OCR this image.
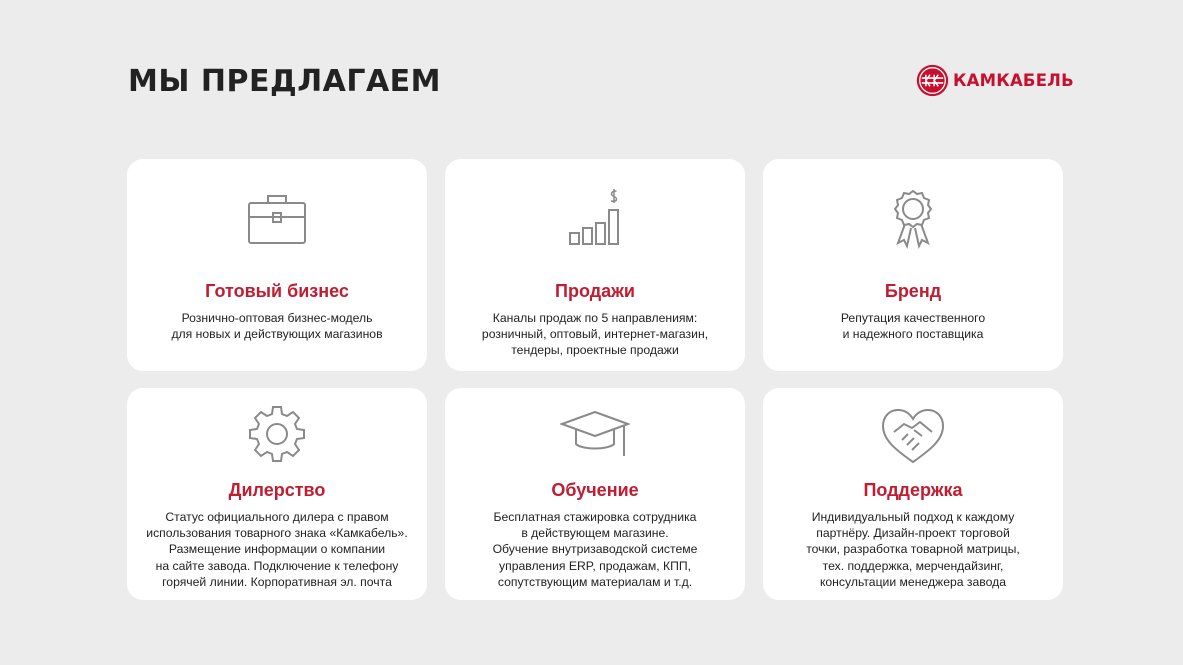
МЫ ПРЕДЛАГАЕМ	КАМКАБЕЛЬ
Готовый бизнес

Рознично-оптовая бизнес-модель
для новых и действующих магазинов

Продажи

Каналы продаж по 5 направлениям:
розничный, оптовый, интернет-магазин,
тендеры, проектные продажи

Бренд

Репутация качественного
и надежного поставщика

Дилерство

Статус официального дилера с правом
использования товарного знака «Камкабель».
Размещение информации о компании
на сайте завода. Подключение к телефону
горячей линии. Корпоративная эл. почта

Обучение

Бесплатная стажировка сотрудника
в действующем магазине.
Обучение внутризаводской системе
управления ERP, продажам, КПП,
сопутствующим материалам и т.д.

Поддержка

Индивидуальный подход к каждому
партнёру. Дизайн-проект торговой
точки, разработка товарной матрицы,
тех. поддержка, мерчендайзинг,
консультации менеджера завода
